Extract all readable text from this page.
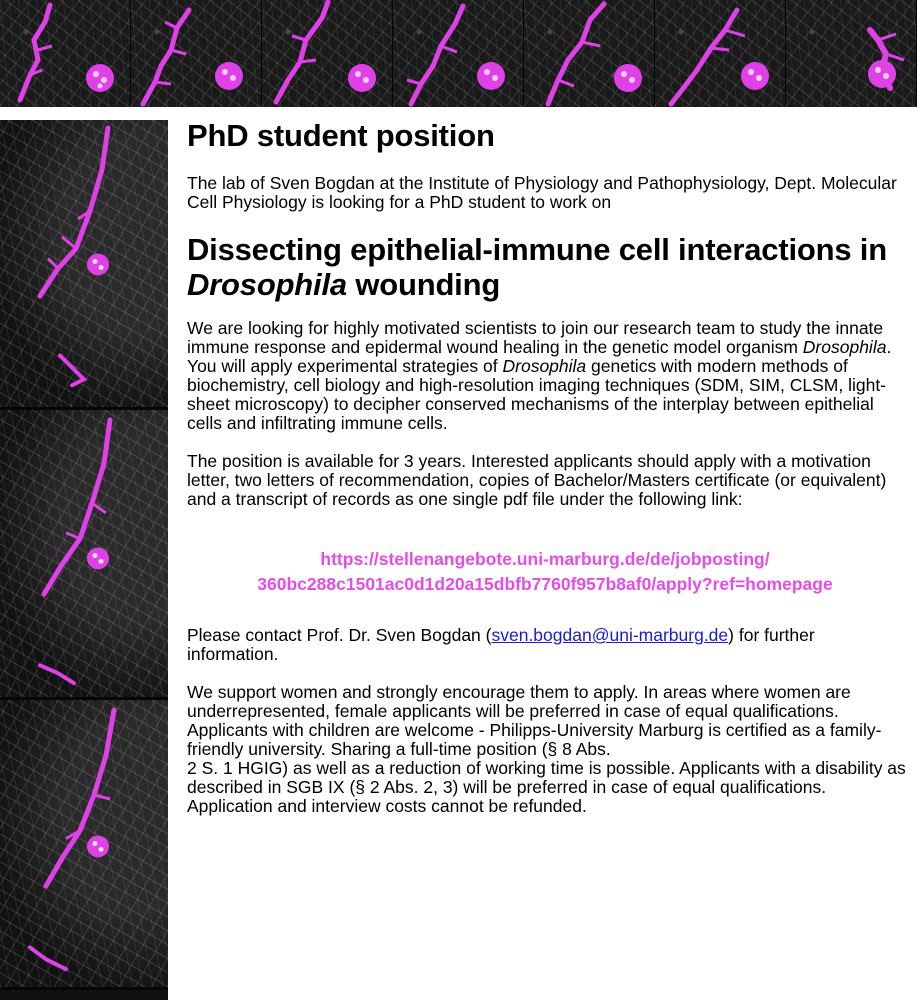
PhD student position

The lab of Sven Bogdan at the Institute of Physiology and Pathophysiology, Dept. Molecular Cell Physiology is looking for a PhD student to work on

Dissecting epithelial-immune cell interactions in Drosophila wounding

We are looking for highly motivated scientists to join our research team to study the innate immune response and epidermal wound healing in the genetic model organism Drosophila. You will apply experimental strategies of Drosophila genetics with modern methods of biochemistry, cell biology and high-resolution imaging techniques (SDM, SIM, CLSM, light-sheet microscopy) to decipher conserved mechanisms of the interplay between epithelial cells and infiltrating immune cells.

The position is available for 3 years. Interested applicants should apply with a motivation letter, two letters of recommendation, copies of Bachelor/Masters certificate (or equivalent) and a transcript of records as one single pdf file under the following link:

https://stellenangebote.uni-marburg.de/de/jobposting/
360bc288c1501ac0d1d20a15dbfb7760f957b8af0/apply?ref=homepage

Please contact Prof. Dr. Sven Bogdan (sven.bogdan@uni-marburg.de) for further information.

We support women and strongly encourage them to apply. In areas where women are underrepresented, female applicants will be preferred in case of equal qualifications. Applicants with children are welcome - Philipps-University Marburg is certified as a family-friendly university. Sharing a full-time position (§ 8 Abs.
2 S. 1 HGIG) as well as a reduction of working time is possible. Applicants with a disability as described in SGB IX (§ 2 Abs. 2, 3) will be preferred in case of equal qualifications. Application and interview costs cannot be refunded.
